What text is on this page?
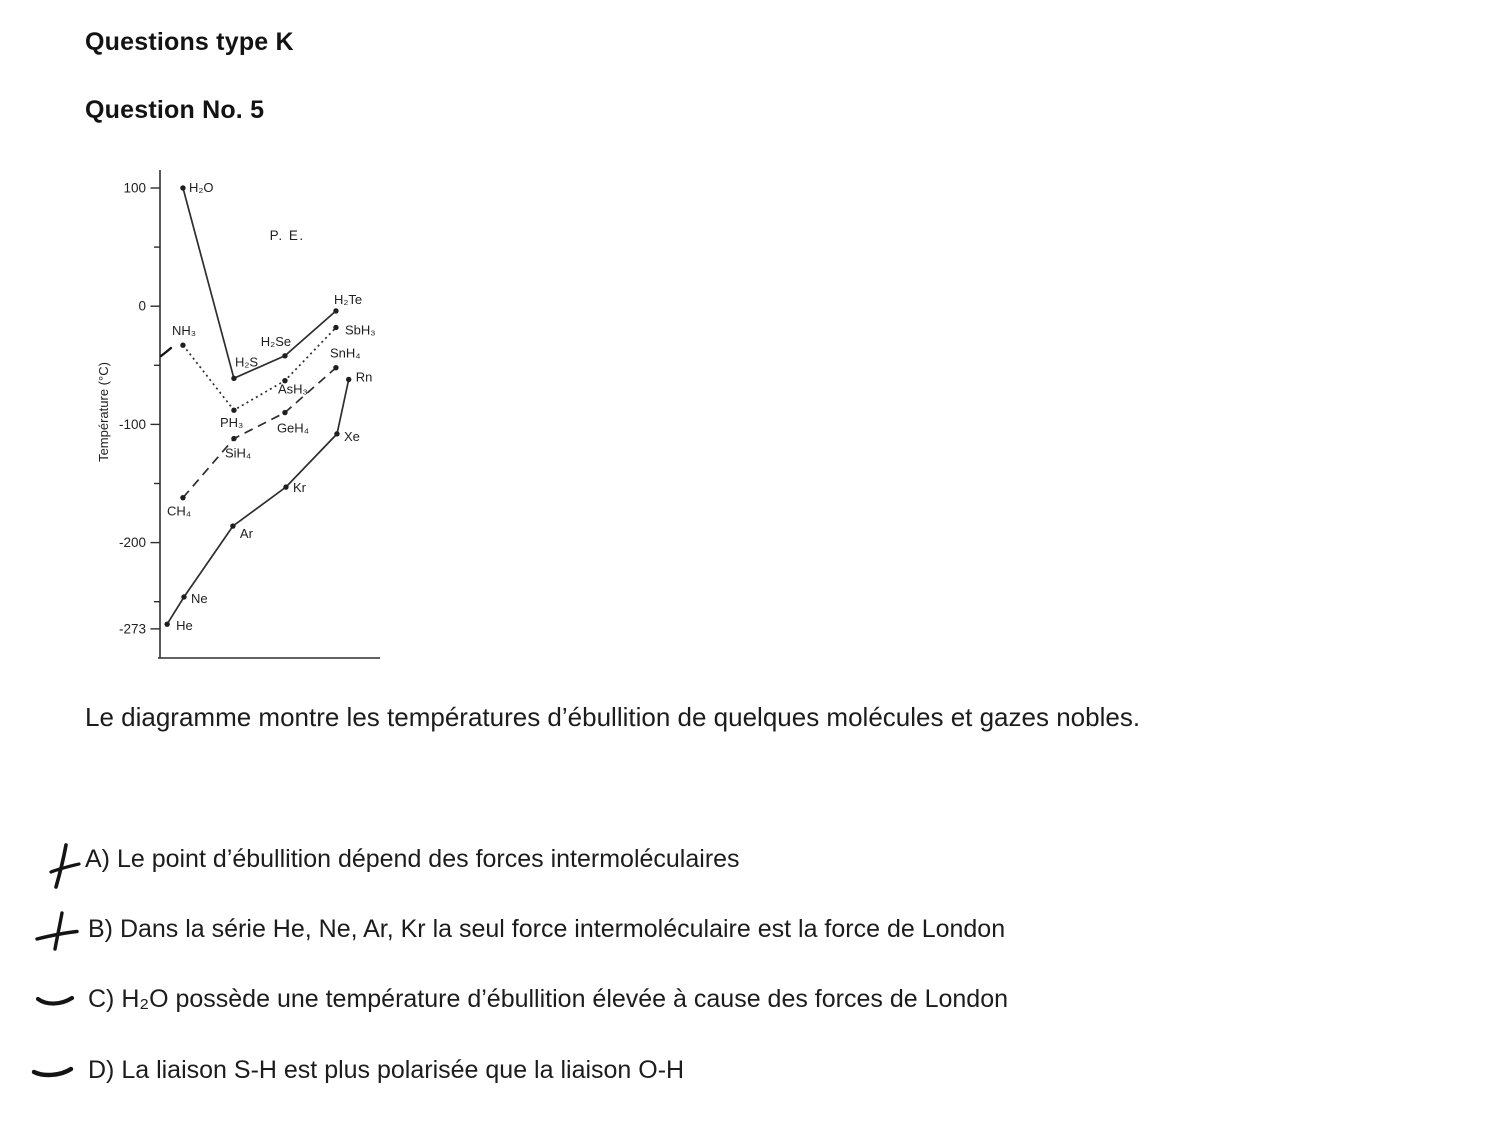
Questions type K
Question No. 5
100
0
-100
-200
-273
Température (°C)
P. E.
H₂O
H₂S
H₂Se
H₂Te
NH₃
PH₃
AsH₃
SbH₃
CH₄
SiH₄
GeH₄
SnH₄
He
Ne
Ar
Kr
Xe
Rn
Le diagramme montre les températures d’ébullition de quelques molécules et gazes nobles.
A) Le point d’ébullition dépend des forces intermoléculaires
B) Dans la série He, Ne, Ar, Kr la seul force intermoléculaire est la force de London
C) H₂O possède une température d’ébullition élevée à cause des forces de London
D) La liaison S-H est plus polarisée que la liaison O-H
